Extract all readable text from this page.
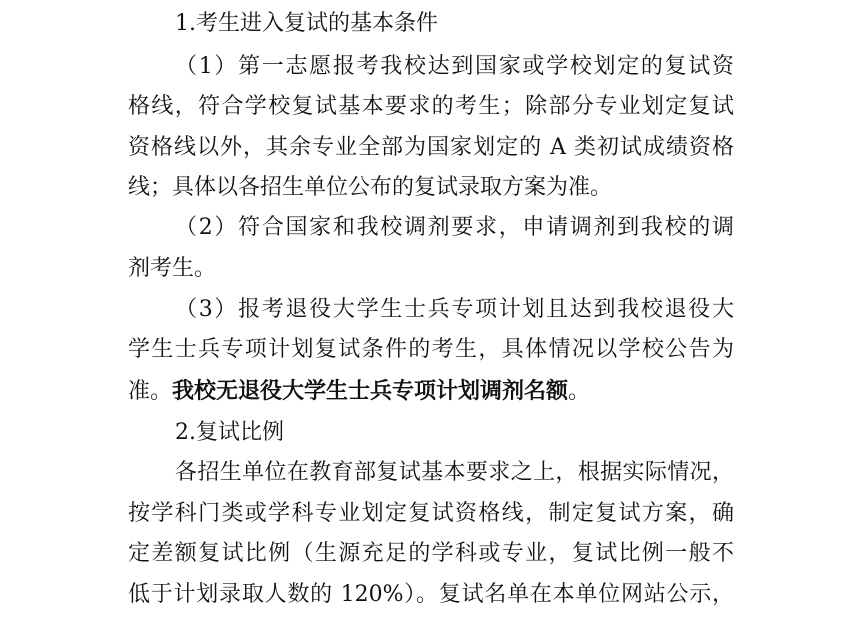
1.考生进入复试的基本条件
（1）第一志愿报考我校达到国家或学校划定的复试资
格线，符合学校复试基本要求的考生；除部分专业划定复试
资格线以外，其余专业全部为国家划定的 A 类初试成绩资格
线；具体以各招生单位公布的复试录取方案为准。
（2）符合国家和我校调剂要求，申请调剂到我校的调
剂考生。
（3）报考退役大学生士兵专项计划且达到我校退役大
学生士兵专项计划复试条件的考生，具体情况以学校公告为
准。我校无退役大学生士兵专项计划调剂名额。
2.复试比例
各招生单位在教育部复试基本要求之上，根据实际情况，
按学科门类或学科专业划定复试资格线，制定复试方案，确
定差额复试比例（生源充足的学科或专业，复试比例一般不
低于计划录取人数的 120%）。复试名单在本单位网站公示，
